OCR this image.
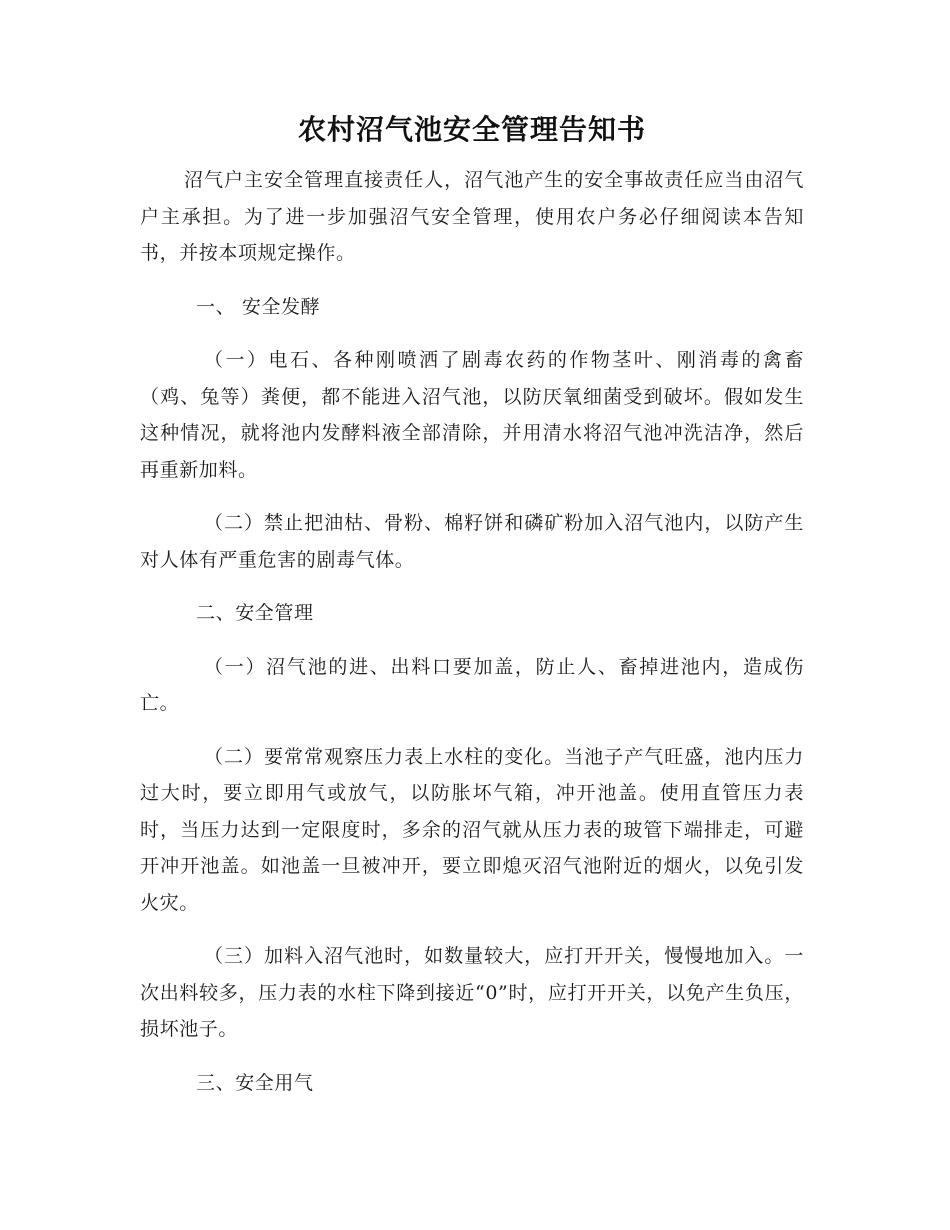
农村沼气池安全管理告知书

沼气户主安全管理直接责任人，沼气池产生的安全事故责任应当由沼气户主承担。为了进一步加强沼气安全管理，使用农户务必仔细阅读本告知书，并按本项规定操作。

一、 安全发酵

（一）电石、各种刚喷洒了剧毒农药的作物茎叶、刚消毒的禽畜（鸡、兔等）粪便，都不能进入沼气池，以防厌氧细菌受到破坏。假如发生这种情况，就将池内发酵料液全部清除，并用清水将沼气池冲洗洁净，然后再重新加料。

（二）禁止把油枯、骨粉、棉籽饼和磷矿粉加入沼气池内，以防产生对人体有严重危害的剧毒气体。

二、安全管理

（一）沼气池的进、出料口要加盖，防止人、畜掉进池内，造成伤亡。

（二）要常常观察压力表上水柱的变化。当池子产气旺盛，池内压力过大时，要立即用气或放气，以防胀坏气箱，冲开池盖。使用直管压力表时，当压力达到一定限度时，多余的沼气就从压力表的玻管下端排走，可避开冲开池盖。如池盖一旦被冲开，要立即熄灭沼气池附近的烟火，以免引发火灾。

（三）加料入沼气池时，如数量较大，应打开开关，慢慢地加入。一次出料较多，压力表的水柱下降到接近“0”时，应打开开关，以免产生负压，损坏池子。

三、安全用气
